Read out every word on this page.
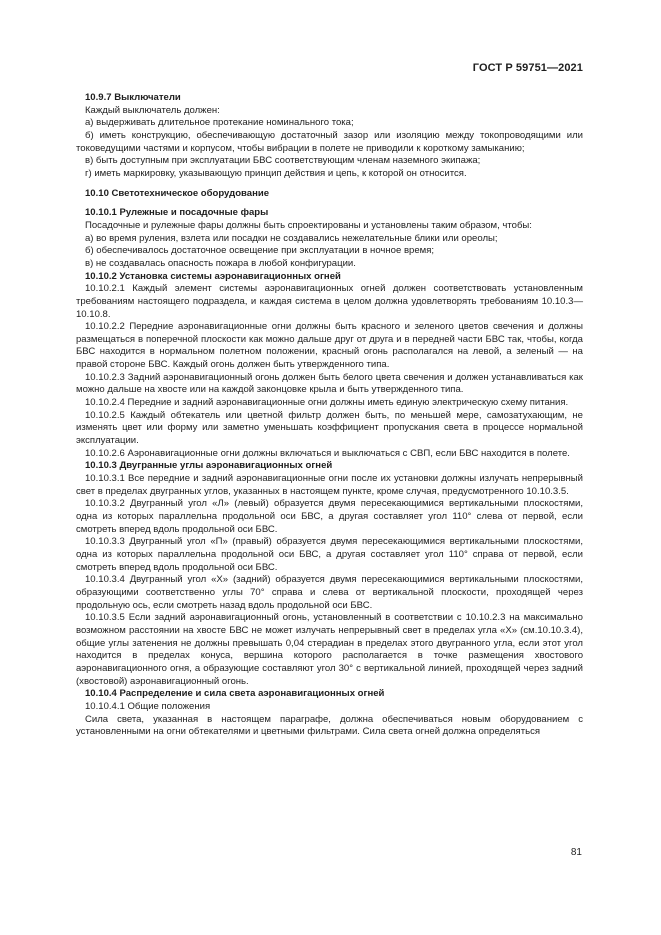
ГОСТ Р 59751—2021

10.9.7 Выключатели

Каждый выключатель должен:

а) выдерживать длительное протекание номинального тока;

б) иметь конструкцию, обеспечивающую достаточный зазор или изоляцию между токопроводящими или токоведущими частями и корпусом, чтобы вибрации в полете не приводили к короткому замыканию;

в) быть доступным при эксплуатации БВС соответствующим членам наземного экипажа;

г) иметь маркировку, указывающую принцип действия и цепь, к которой он относится.

10.10 Светотехническое оборудование

10.10.1 Рулежные и посадочные фары

Посадочные и рулежные фары должны быть спроектированы и установлены таким образом, чтобы:

а) во время руления, взлета или посадки не создавались нежелательные блики или ореолы;

б) обеспечивалось достаточное освещение при эксплуатации в ночное время;

в) не создавалась опасность пожара в любой конфигурации.

10.10.2 Установка системы аэронавигационных огней

10.10.2.1 Каждый элемент системы аэронавигационных огней должен соответствовать установленным требованиям настоящего подраздела, и каждая система в целом должна удовлетворять требованиям 10.10.3—10.10.8.

10.10.2.2 Передние аэронавигационные огни должны быть красного и зеленого цветов свечения и должны размещаться в поперечной плоскости как можно дальше друг от друга и в передней части БВС так, чтобы, когда БВС находится в нормальном полетном положении, красный огонь располагался на левой, а зеленый — на правой стороне БВС. Каждый огонь должен быть утвержденного типа.

10.10.2.3 Задний аэронавигационный огонь должен быть белого цвета свечения и должен устанавливаться как можно дальше на хвосте или на каждой законцовке крыла и быть утвержденного типа.

10.10.2.4 Передние и задний аэронавигационные огни должны иметь единую электрическую схему питания.

10.10.2.5 Каждый обтекатель или цветной фильтр должен быть, по меньшей мере, самозатухающим, не изменять цвет или форму или заметно уменьшать коэффициент пропускания света в процессе нормальной эксплуатации.

10.10.2.6 Аэронавигационные огни должны включаться и выключаться с СВП, если БВС находится в полете.

10.10.3 Двугранные углы аэронавигационных огней

10.10.3.1 Все передние и задний аэронавигационные огни после их установки должны излучать непрерывный свет в пределах двугранных углов, указанных в настоящем пункте, кроме случая, предусмотренного 10.10.3.5.

10.10.3.2 Двугранный угол «Л» (левый) образуется двумя пересекающимися вертикальными плоскостями, одна из которых параллельна продольной оси БВС, а другая составляет угол 110° слева от первой, если смотреть вперед вдоль продольной оси БВС.

10.10.3.3 Двугранный угол «П» (правый) образуется двумя пересекающимися вертикальными плоскостями, одна из которых параллельна продольной оси БВС, а другая составляет угол 110° справа от первой, если смотреть вперед вдоль продольной оси БВС.

10.10.3.4 Двугранный угол «Х» (задний) образуется двумя пересекающимися вертикальными плоскостями, образующими соответственно углы 70° справа и слева от вертикальной плоскости, проходящей через продольную ось, если смотреть назад вдоль продольной оси БВС.

10.10.3.5 Если задний аэронавигационный огонь, установленный в соответствии с 10.10.2.3 на максимально возможном расстоянии на хвосте БВС не может излучать непрерывный свет в пределах угла «Х» (см.10.10.3.4), общие углы затенения не должны превышать 0,04 стерадиан в пределах этого двугранного угла, если этот угол находится в пределах конуса, вершина которого располагается в точке размещения хвостового аэронавигационного огня, а образующие составляют угол 30° с вертикальной линией, проходящей через задний (хвостовой) аэронавигационный огонь.

10.10.4 Распределение и сила света аэронавигационных огней

10.10.4.1 Общие положения

Сила света, указанная в настоящем параграфе, должна обеспечиваться новым оборудованием с установленными на огни обтекателями и цветными фильтрами. Сила света огней должна определяться

81
